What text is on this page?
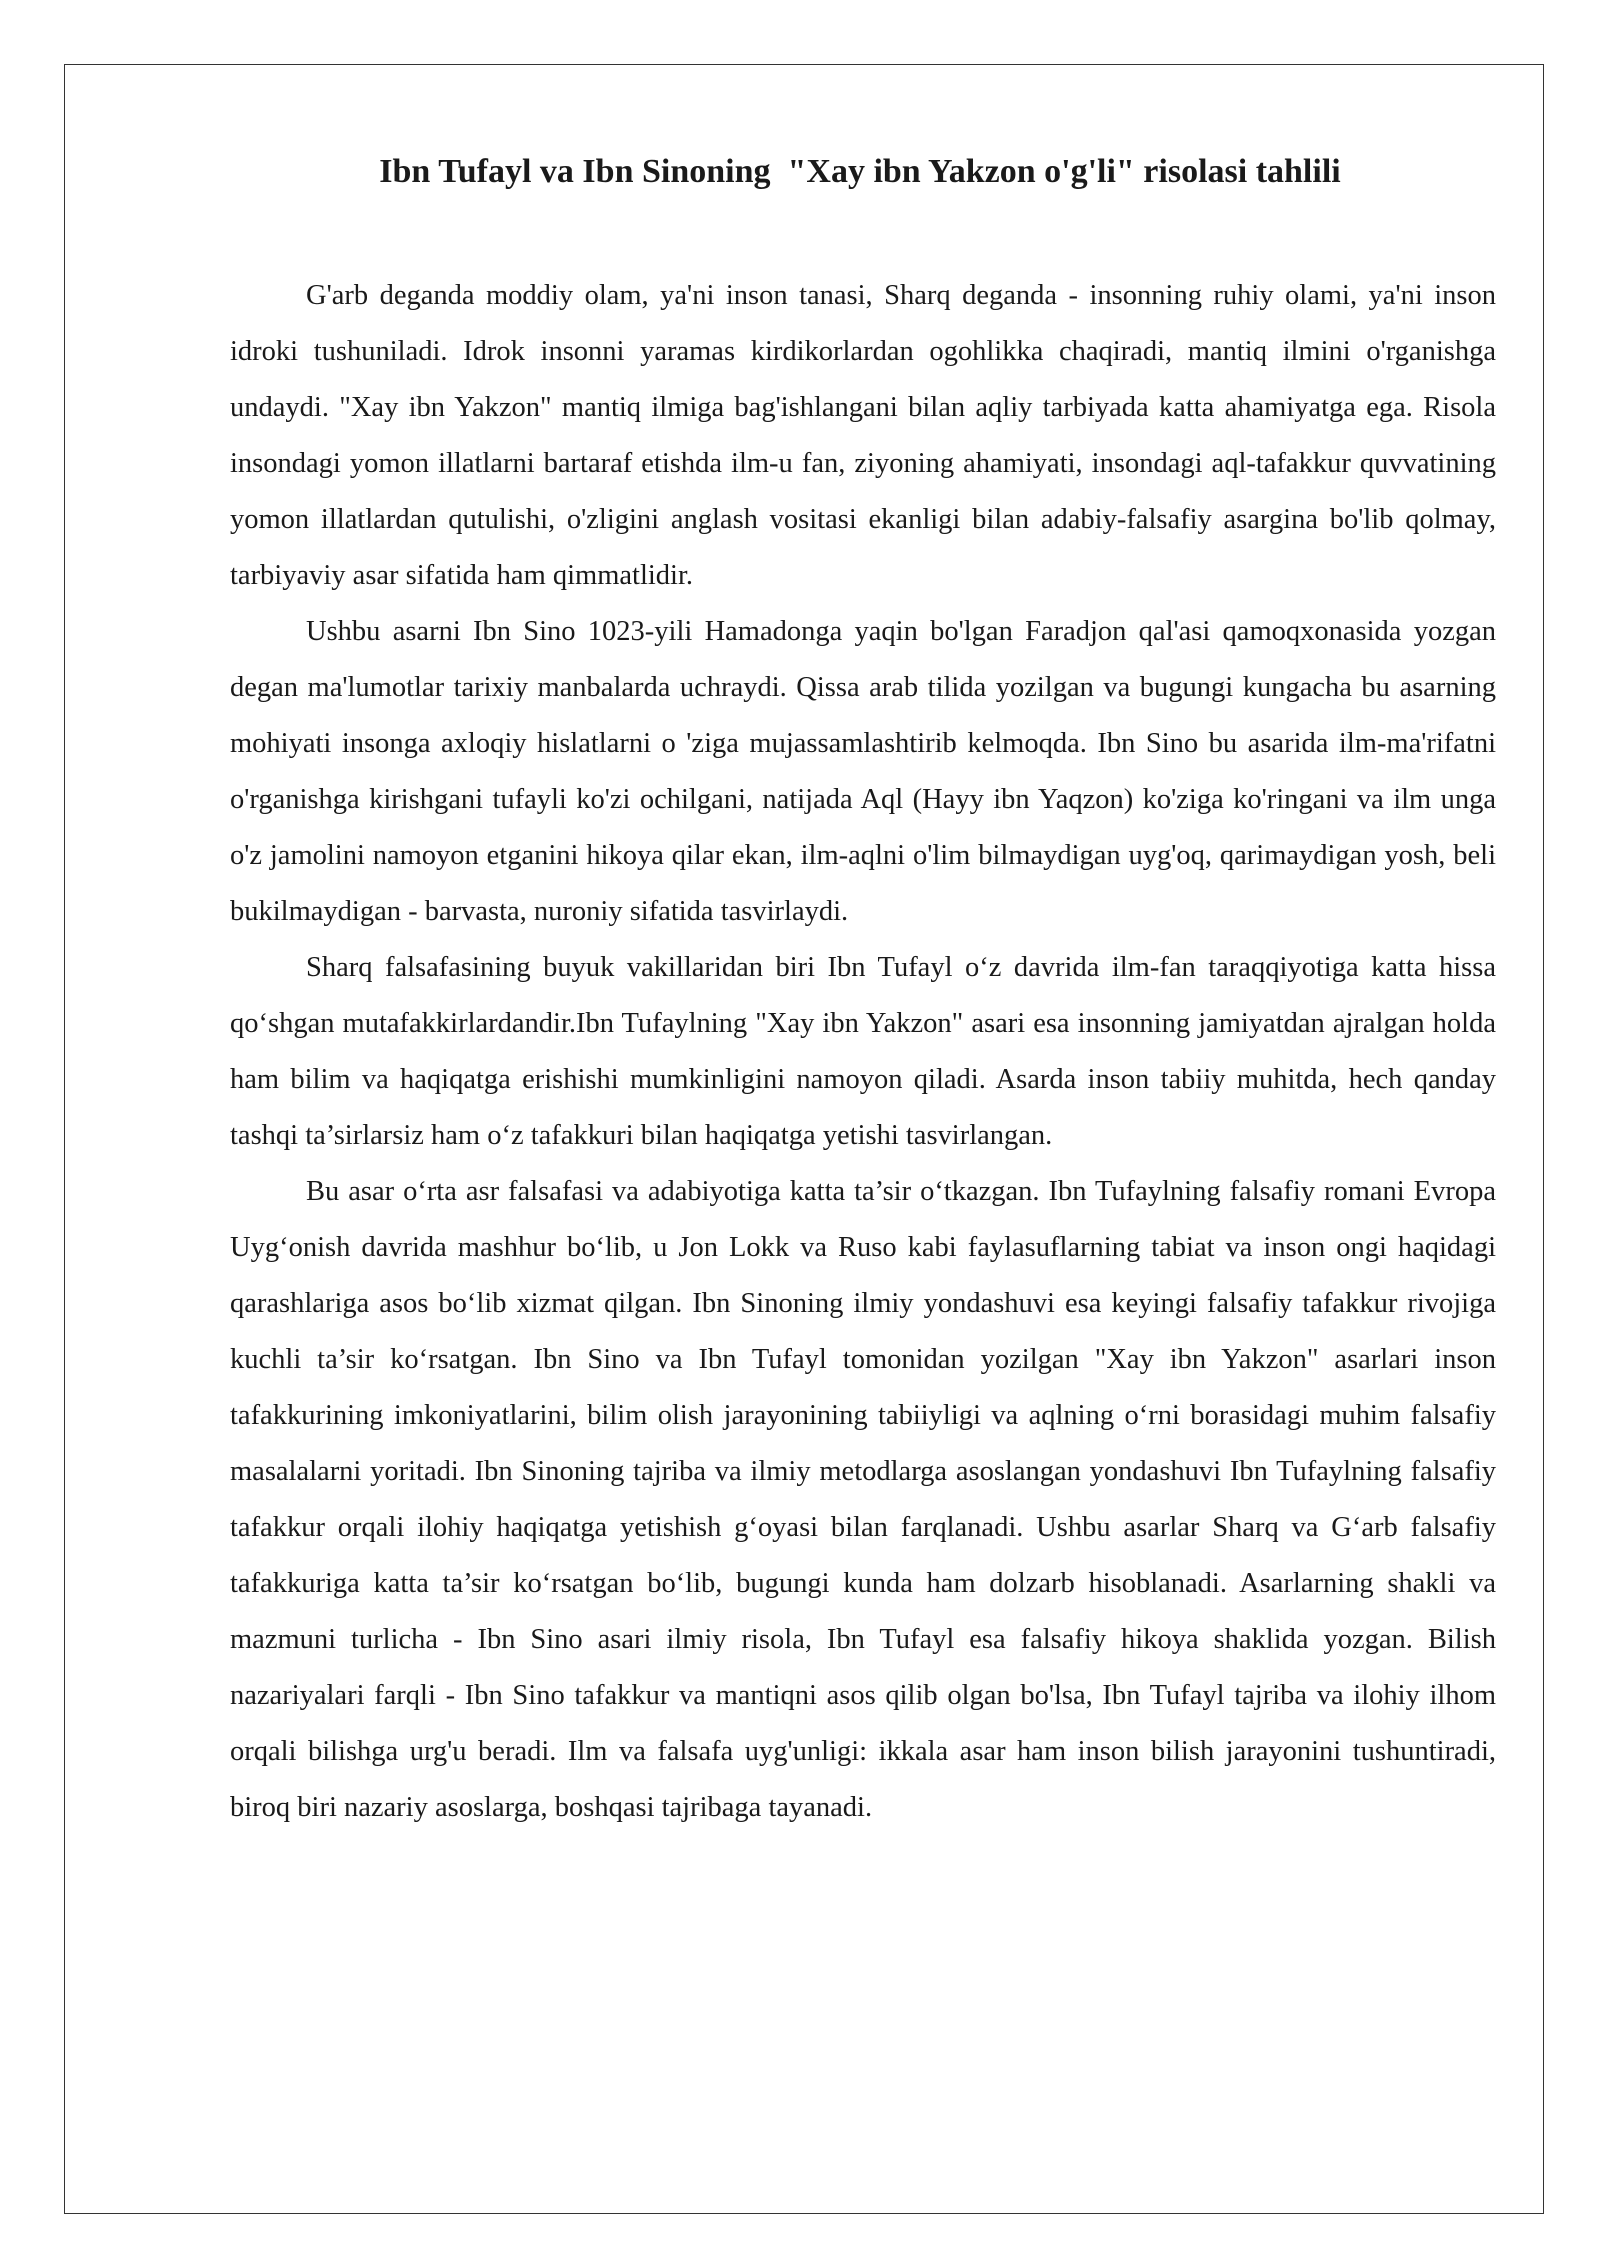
Ibn Tufayl va Ibn Sinoning  "Xay ibn Yakzon o'g'li" risolasi tahlili

G'arb deganda moddiy olam, ya'ni inson tanasi, Sharq deganda - insonning ruhiy olami, ya'ni inson idroki tushuniladi. Idrok insonni yaramas kirdikorlardan ogohlikka chaqiradi, mantiq ilmini o'rganishga undaydi. "Xay ibn Yakzon" mantiq ilmiga bag'ishlangani bilan aqliy tarbiyada katta ahamiyatga ega. Risola insondagi yomon illatlarni bartaraf etishda ilm-u fan, ziyoning ahamiyati, insondagi aql-tafakkur quvvatining yomon illatlardan qutulishi, o'zligini anglash vositasi ekanligi bilan adabiy-falsafiy asargina bo'lib qolmay, tarbiyaviy asar sifatida ham qimmatlidir.

Ushbu asarni Ibn Sino 1023-yili Hamadonga yaqin bo'lgan Faradjon qal'asi qamoqxonasida yozgan degan ma'lumotlar tarixiy manbalarda uchraydi. Qissa arab tilida yozilgan va bugungi kungacha bu asarning mohiyati insonga axloqiy hislatlarni o 'ziga mujassamlashtirib kelmoqda. Ibn Sino bu asarida ilm-ma'rifatni o'rganishga kirishgani tufayli ko'zi ochilgani, natijada Aql (Hayy ibn Yaqzon) ko'ziga ko'ringani va ilm unga o'z jamolini namoyon etganini hikoya qilar ekan, ilm-aqlni o'lim bilmaydigan uyg'oq, qarimaydigan yosh, beli bukilmaydigan - barvasta, nuroniy sifatida tasvirlaydi.

Sharq falsafasining buyuk vakillaridan biri Ibn Tufayl o‘z davrida ilm-fan taraqqiyotiga katta hissa qo‘shgan mutafakkirlardandir.Ibn Tufaylning "Xay ibn Yakzon" asari esa insonning jamiyatdan ajralgan holda ham bilim va haqiqatga erishishi mumkinligini namoyon qiladi. Asarda inson tabiiy muhitda, hech qanday tashqi ta’sirlarsiz ham o‘z tafakkuri bilan haqiqatga yetishi tasvirlangan.

Bu asar o‘rta asr falsafasi va adabiyotiga katta ta’sir o‘tkazgan. Ibn Tufaylning falsafiy romani Evropa Uyg‘onish davrida mashhur bo‘lib, u Jon Lokk va Ruso kabi faylasuflarning tabiat va inson ongi haqidagi qarashlariga asos bo‘lib xizmat qilgan. Ibn Sinoning ilmiy yondashuvi esa keyingi falsafiy tafakkur rivojiga kuchli ta’sir ko‘rsatgan. Ibn Sino va Ibn Tufayl tomonidan yozilgan "Xay ibn Yakzon" asarlari inson tafakkurining imkoniyatlarini, bilim olish jarayonining tabiiyligi va aqlning o‘rni borasidagi muhim falsafiy masalalarni yoritadi. Ibn Sinoning tajriba va ilmiy metodlarga asoslangan yondashuvi Ibn Tufaylning falsafiy tafakkur orqali ilohiy haqiqatga yetishish g‘oyasi bilan farqlanadi. Ushbu asarlar Sharq va G‘arb falsafiy tafakkuriga katta ta’sir ko‘rsatgan bo‘lib, bugungi kunda ham dolzarb hisoblanadi. Asarlarning shakli va mazmuni turlicha - Ibn Sino asari ilmiy risola, Ibn Tufayl esa falsafiy hikoya shaklida yozgan. Bilish nazariyalari farqli - Ibn Sino tafakkur va mantiqni asos qilib olgan bo'lsa, Ibn Tufayl tajriba va ilohiy ilhom orqali bilishga urg'u beradi. Ilm va falsafa uyg'unligi: ikkala asar ham inson bilish jarayonini tushuntiradi, biroq biri nazariy asoslarga, boshqasi tajribaga tayanadi.
